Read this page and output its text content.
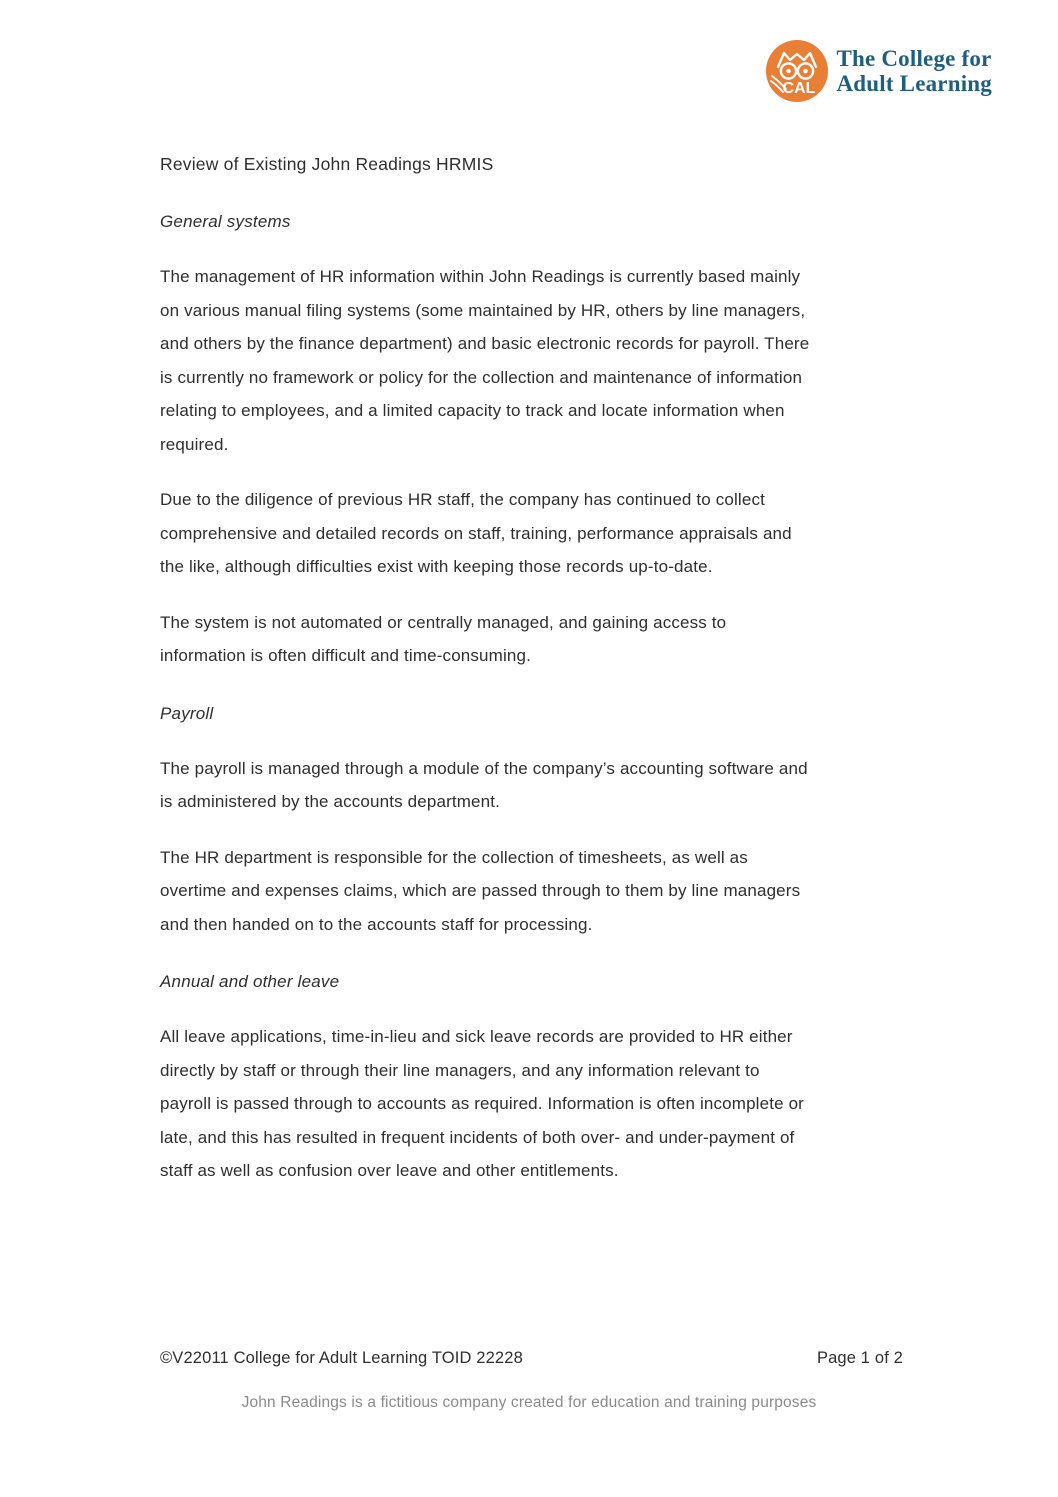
CAL
The College for
Adult Learning
Review of Existing John Readings HRMIS
General systems
The management of HR information within John Readings is currently based mainly
on various manual filing systems (some maintained by HR, others by line managers,
and others by the finance department) and basic electronic records for payroll. There
is currently no framework or policy for the collection and maintenance of information
relating to employees, and a limited capacity to track and locate information when
required.
Due to the diligence of previous HR staff, the company has continued to collect
comprehensive and detailed records on staff, training, performance appraisals and
the like, although difficulties exist with keeping those records up-to-date.
The system is not automated or centrally managed, and gaining access to
information is often difficult and time-consuming.
Payroll
The payroll is managed through a module of the company’s accounting software and
is administered by the accounts department.
The HR department is responsible for the collection of timesheets, as well as
overtime and expenses claims, which are passed through to them by line managers
and then handed on to the accounts staff for processing.
Annual and other leave
All leave applications, time-in-lieu and sick leave records are provided to HR either
directly by staff or through their line managers, and any information relevant to
payroll is passed through to accounts as required. Information is often incomplete or
late, and this has resulted in frequent incidents of both over- and under-payment of
staff as well as confusion over leave and other entitlements.
©V22011 College for Adult Learning TOID 22228	Page 1 of 2
John Readings is a fictitious company created for education and training purposes
